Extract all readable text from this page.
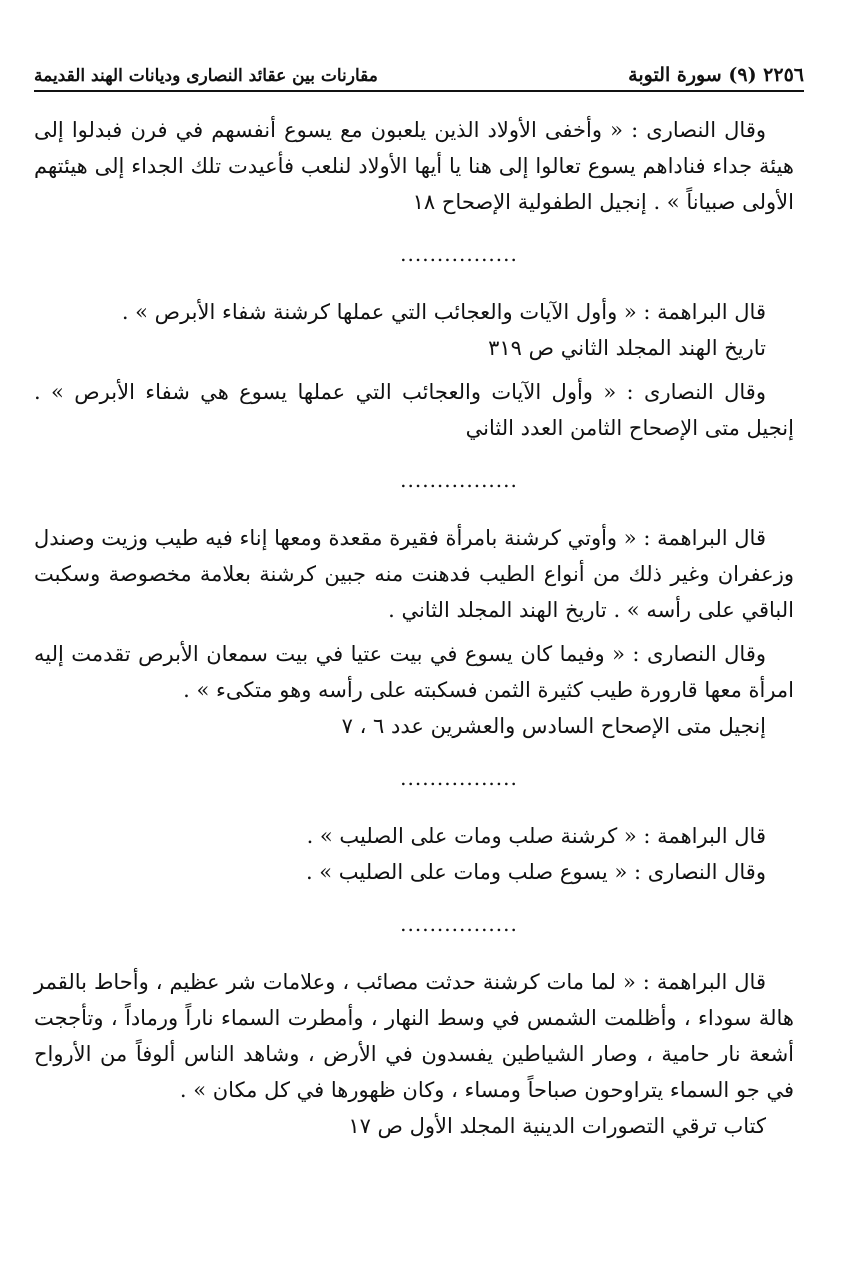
٢٢٥٦ (٩) سورة التوبة
مقارنات بين عقائد النصارى وديانات الهند القديمة

وقال النصارى : « وأخفى الأولاد الذين يلعبون مع يسوع أنفسهم في فرن فبدلوا إلى هيئة جداء فناداهم يسوع تعالوا إلى هنا يا أيها الأولاد لنلعب فأعيدت تلك الجداء إلى هيئتهم الأولى صبياناً » . إنجيل الطفولية الإصحاح ١٨

................

قال البراهمة : « وأول الآيات والعجائب التي عملها كرشنة شفاء الأبرص » .

تاريخ الهند المجلد الثاني ص ٣١٩

وقال النصارى : « وأول الآيات والعجائب التي عملها يسوع هي شفاء الأبرص » . إنجيل متى الإصحاح الثامن العدد الثاني

................

قال البراهمة : « وأوتي كرشنة بامرأة فقيرة مقعدة ومعها إناء فيه طيب وزيت وصندل وزعفران وغير ذلك من أنواع الطيب فدهنت منه جبين كرشنة بعلامة مخصوصة وسكبت الباقي على رأسه » . تاريخ الهند المجلد الثاني .

وقال النصارى : « وفيما كان يسوع في بيت عتيا في بيت سمعان الأبرص تقدمت إليه امرأة معها قارورة طيب كثيرة الثمن فسكبته على رأسه وهو متكىء » .

إنجيل متى الإصحاح السادس والعشرين عدد ٦ ، ٧

................

قال البراهمة : « كرشنة صلب ومات على الصليب » .

وقال النصارى : « يسوع صلب ومات على الصليب » .

................

قال البراهمة : « لما مات كرشنة حدثت مصائب ، وعلامات شر عظيم ، وأحاط بالقمر هالة سوداء ، وأظلمت الشمس في وسط النهار ، وأمطرت السماء ناراً ورماداً ، وتأججت أشعة نار حامية ، وصار الشياطين يفسدون في الأرض ، وشاهد الناس ألوفاً من الأرواح في جو السماء يتراوحون صباحاً ومساء ، وكان ظهورها في كل مكان » .

كتاب ترقي التصورات الدينية المجلد الأول ص ١٧
